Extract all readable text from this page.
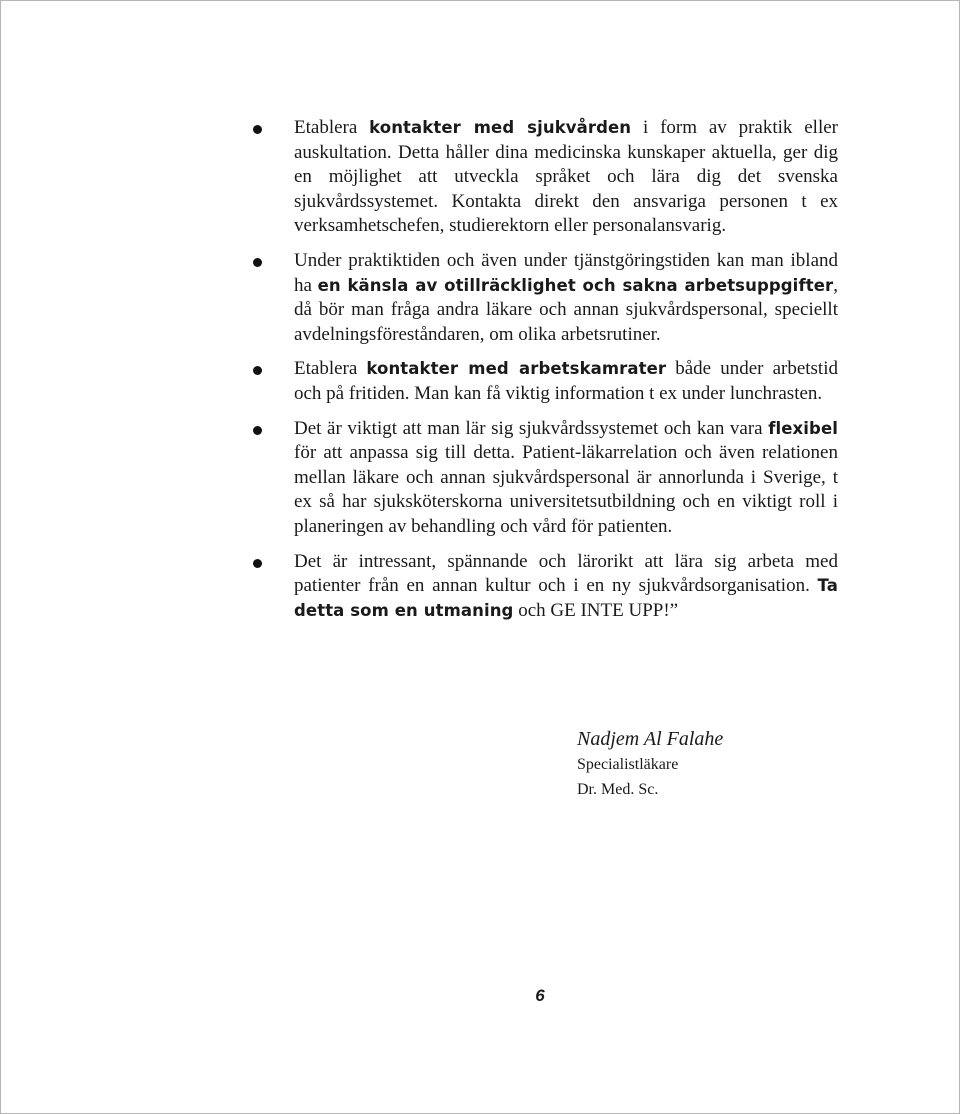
Etablera kontakter med sjukvården i form av praktik eller auskultation. Detta håller dina medicinska kunskaper aktuella, ger dig en möjlighet att utveckla språket och lära dig det svenska sjukvårdssystemet. Kontakta direkt den ansvariga personen t ex verksamhetschefen, studierektorn eller personalansvarig.
Under praktiktiden och även under tjänstgöringstiden kan man ibland ha en känsla av otillräcklighet och sakna arbetsuppgifter, då bör man fråga andra läkare och annan sjukvårdspersonal, speciellt avdelningsföreståndaren, om olika arbetsrutiner.
Etablera kontakter med arbetskamrater både under arbetstid och på fritiden. Man kan få viktig information t ex under lunchrasten.
Det är viktigt att man lär sig sjukvårdssystemet och kan vara flexibel för att anpassa sig till detta. Patient-läkarrelation och även relationen mellan läkare och annan sjukvårdspersonal är annorlunda i Sverige, t ex så har sjuksköterskorna universitetsutbildning och en viktigt roll i planeringen av behandling och vård för patienten.
Det är intressant, spännande och lärorikt att lära sig arbeta med patienter från en annan kultur och i en ny sjukvårdsorganisation. Ta detta som en utmaning och GE INTE UPP!”
Nadjem Al Falahe
Specialistläkare
Dr. Med. Sc.
6
